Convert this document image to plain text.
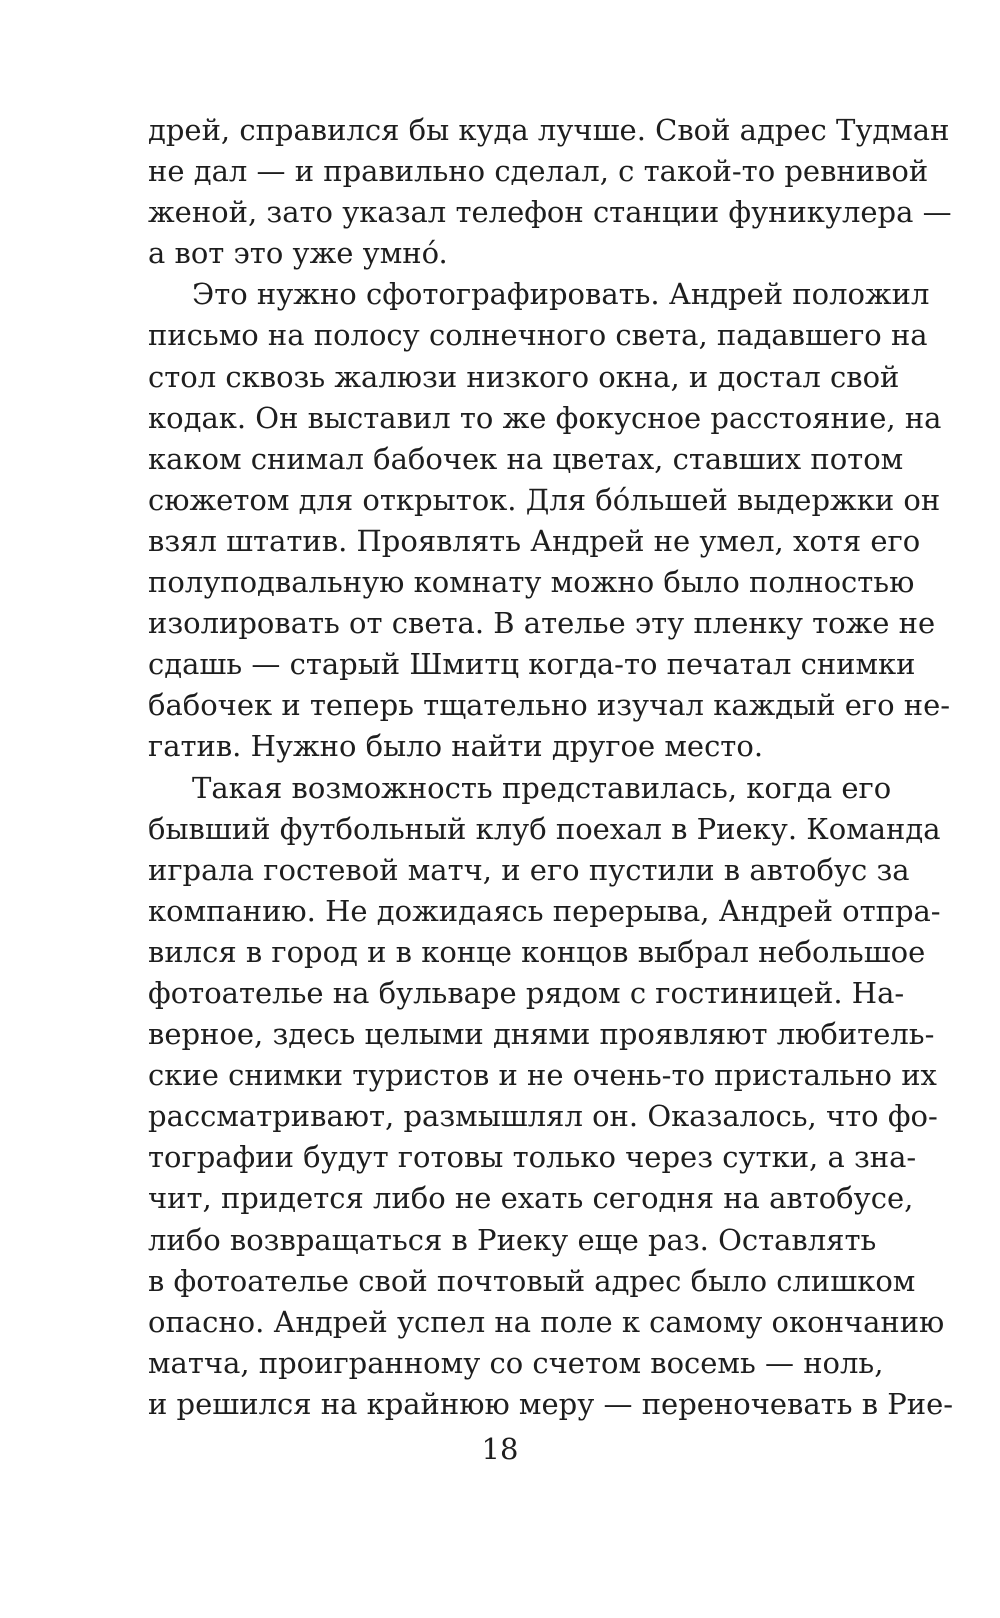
дрей, справился бы куда лучше. Свой адрес Тудман
не дал — и правильно сделал, с такой-то ревнивой
женой, зато указал телефон станции фуникулера —
а вот это уже умнó.
Это нужно сфотографировать. Андрей положил
письмо на полосу солнечного света, падавшего на
стол сквозь жалюзи низкого окна, и достал свой
кодак. Он выставил то же фокусное расстояние, на
каком снимал бабочек на цветах, ставших потом
сюжетом для открыток. Для бóльшей выдержки он
взял штатив. Проявлять Андрей не умел, хотя его
полуподвальную комнату можно было полностью
изолировать от света. В ателье эту пленку тоже не
сдашь — старый Шмитц когда-то печатал снимки
бабочек и теперь тщательно изучал каждый его не-
гатив. Нужно было найти другое место.
Такая возможность представилась, когда его
бывший футбольный клуб поехал в Риеку. Команда
играла гостевой матч, и его пустили в автобус за
компанию. Не дожидаясь перерыва, Андрей отпра-
вился в город и в конце концов выбрал небольшое
фотоателье на бульваре рядом с гостиницей. На-
верное, здесь целыми днями проявляют любитель-
ские снимки туристов и не очень-то пристально их
рассматривают, размышлял он. Оказалось, что фо-
тографии будут готовы только через сутки, а зна-
чит, придется либо не ехать сегодня на автобусе,
либо возвращаться в Риеку еще раз. Оставлять
в фотоателье свой почтовый адрес было слишком
опасно. Андрей успел на поле к самому окончанию
матча, проигранному со счетом восемь — ноль,
и решился на крайнюю меру — переночевать в Рие-
18
